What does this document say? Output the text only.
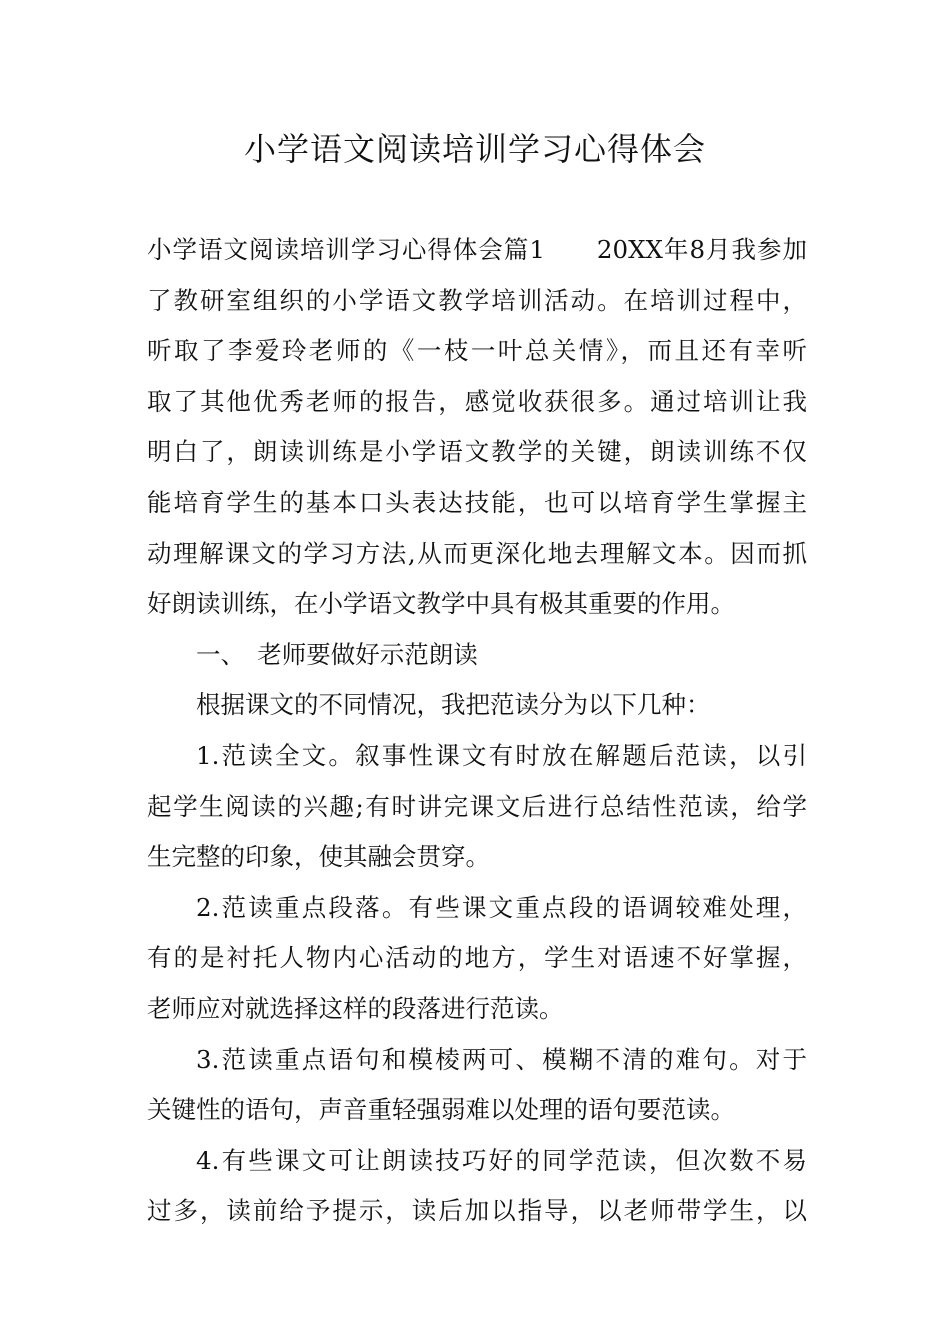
小学语文阅读培训学习心得体会
小学语文阅读培训学习心得体会篇1　　20XX年8月我参加
了教研室组织的小学语文教学培训活动。在培训过程中，
听取了李爱玲老师的《一枝一叶总关情》，而且还有幸听
取了其他优秀老师的报告，感觉收获很多。通过培训让我
明白了，朗读训练是小学语文教学的关键，朗读训练不仅
能培育学生的基本口头表达技能，也可以培育学生掌握主
动理解课文的学习方法,从而更深化地去理解文本。因而抓
好朗读训练，在小学语文教学中具有极其重要的作用。
一、　老师要做好示范朗读
根据课文的不同情况，我把范读分为以下几种：
1.范读全文。叙事性课文有时放在解题后范读，以引
起学生阅读的兴趣;有时讲完课文后进行总结性范读，给学
生完整的印象，使其融会贯穿。
2.范读重点段落。有些课文重点段的语调较难处理，
有的是衬托人物内心活动的地方，学生对语速不好掌握，
老师应对就选择这样的段落进行范读。
3.范读重点语句和模棱两可、模糊不清的难句。对于
关键性的语句，声音重轻强弱难以处理的语句要范读。
4.有些课文可让朗读技巧好的同学范读，但次数不易
过多，读前给予提示，读后加以指导，以老师带学生，以
